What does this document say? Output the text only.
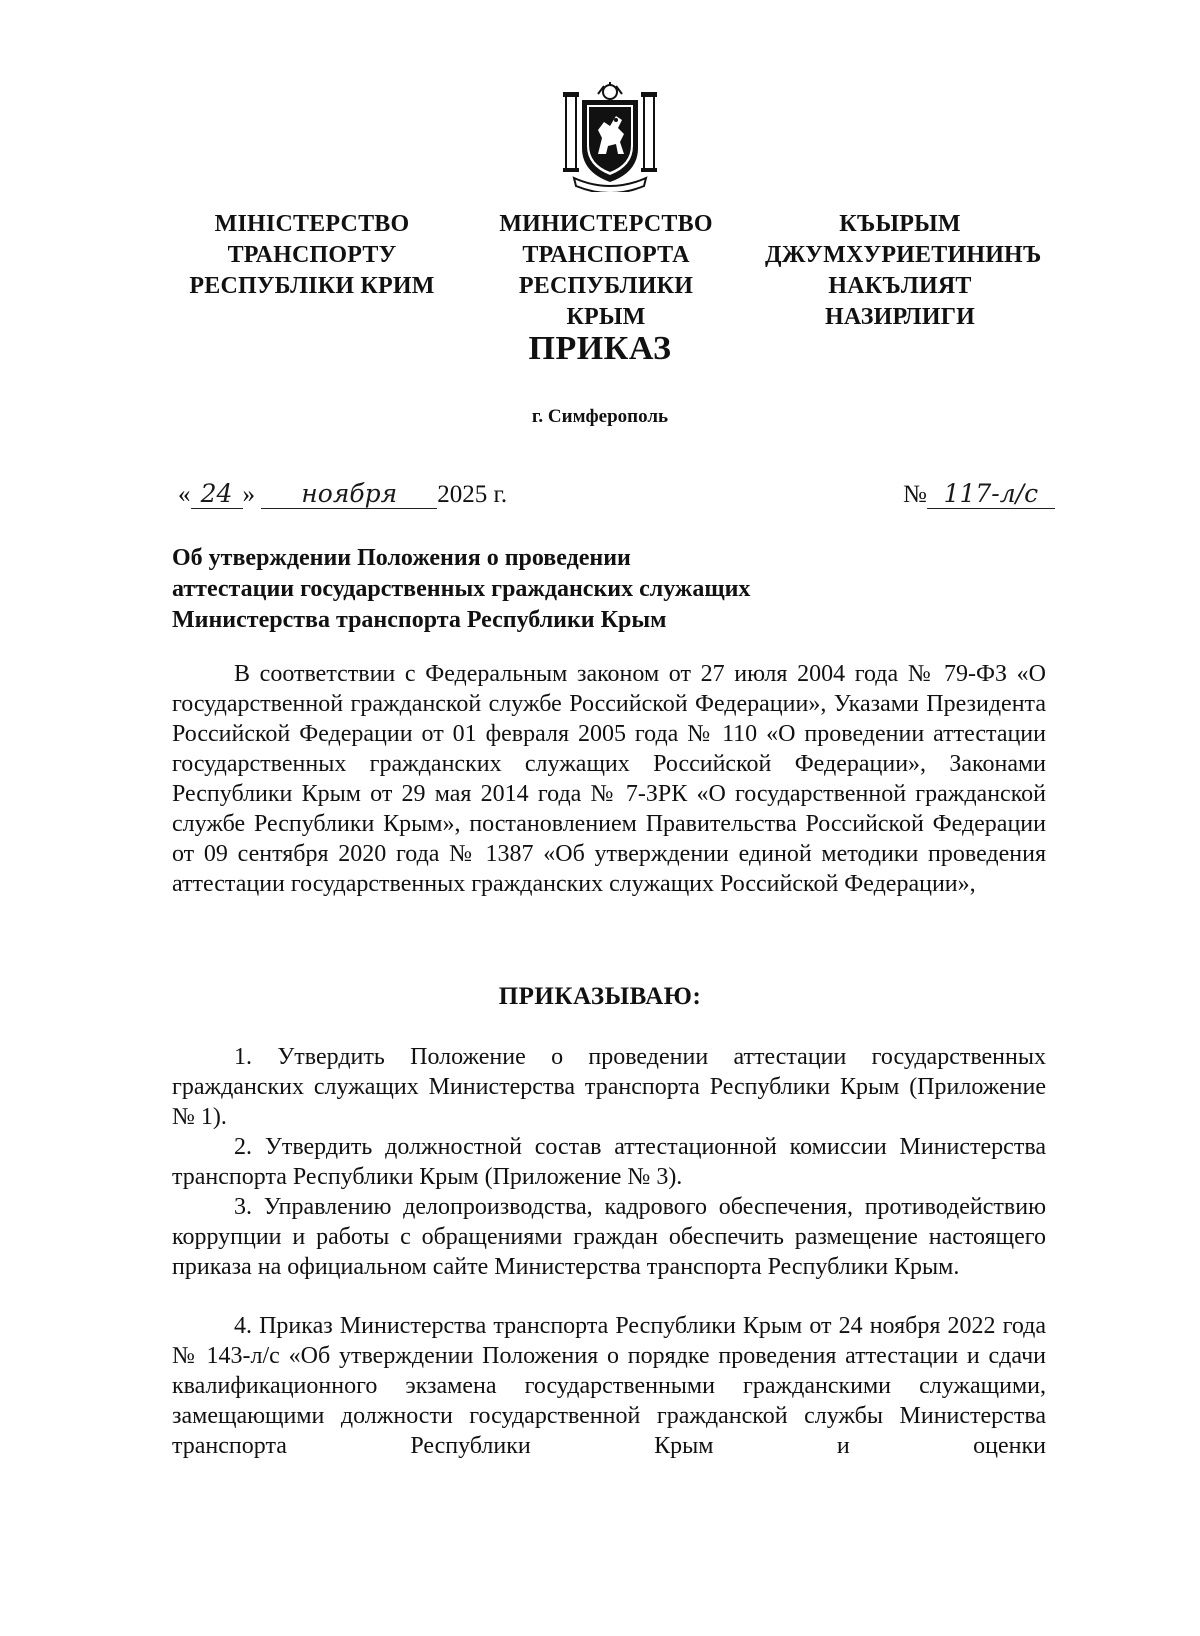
МІНІСТЕРСТВО
ТРАНСПОРТУ
РЕСПУБЛІКИ КРИМ
МИНИСТЕРСТВО
ТРАНСПОРТА
РЕСПУБЛИКИ КРЫМ
КЪЫРЫМ
ДЖУМХУРИЕТИНИНЪ
НАКЪЛИЯТ НАЗИРЛИГИ
ПРИКАЗ
г. Симферополь
« 24 » ноября 2025 г.	№ 117-л/с
Об утверждении Положения о проведении
аттестации государственных гражданских служащих
Министерства транспорта Республики Крым

В соответствии с Федеральным законом от 27 июля 2004 года № 79-ФЗ «О государственной гражданской службе Российской Федерации», Указами Президента Российской Федерации от 01 февраля 2005 года № 110 «О проведении аттестации государственных гражданских служащих Российской Федерации», Законами Республики Крым от 29 мая 2014 года № 7-ЗРК «О государственной гражданской службе Республики Крым», постановлением Правительства Российской Федерации от 09 сентября 2020 года № 1387 «Об утверждении единой методики проведения аттестации государственных гражданских служащих Российской Федерации»,

ПРИКАЗЫВАЮ:

1. Утвердить Положение о проведении аттестации государственных гражданских служащих Министерства транспорта Республики Крым (Приложение № 1).

2. Утвердить должностной состав аттестационной комиссии Министерства транспорта Республики Крым (Приложение № 3).

3. Управлению делопроизводства, кадрового обеспечения, противодействию коррупции и работы с обращениями граждан обеспечить размещение настоящего приказа на официальном сайте Министерства транспорта Республики Крым.

4. Приказ Министерства транспорта Республики Крым от 24 ноября 2022 года № 143-л/с «Об утверждении Положения о порядке проведения аттестации и сдачи квалификационного экзамена государственными гражданскими служащими, замещающими должности государственной гражданской службы Министерства транспорта Республики Крым и оценки
